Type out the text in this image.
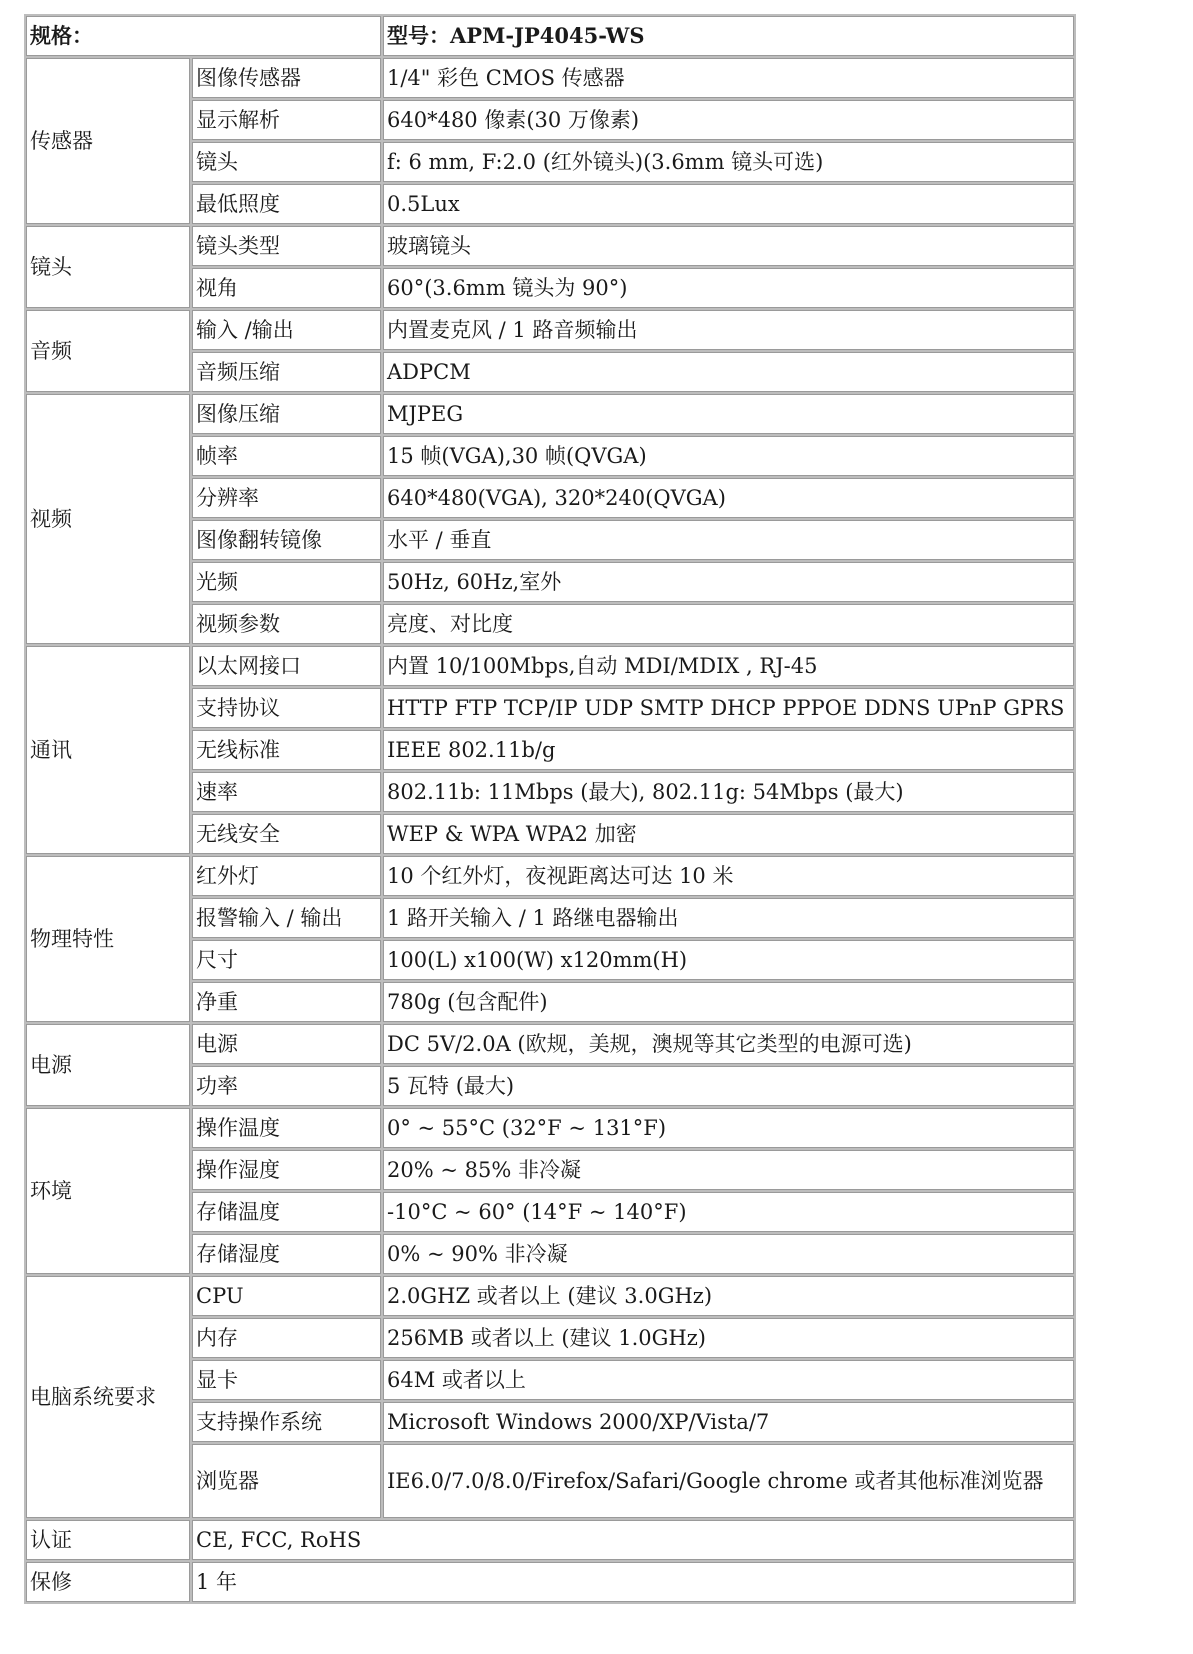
规格：		型号：APM-JP4045-WS
传感器	图像传感器	1/4" 彩色 CMOS 传感器
	显示解析	640*480 像素(30 万像素)
	镜头	f: 6 mm, F:2.0 (红外镜头)(3.6mm 镜头可选)
	最低照度	0.5Lux
镜头	镜头类型	玻璃镜头
	视角	60°(3.6mm 镜头为 90°)
音频	输入 /输出	内置麦克风 / 1 路音频输出
	音频压缩	ADPCM
视频	图像压缩	MJPEG
	帧率	15 帧(VGA),30 帧(QVGA)
	分辨率	640*480(VGA), 320*240(QVGA)
	图像翻转镜像	水平 / 垂直
	光频	50Hz, 60Hz,室外
	视频参数	亮度、对比度
通讯	以太网接口	内置 10/100Mbps,自动 MDI/MDIX , RJ-45
	支持协议	HTTP FTP TCP/IP UDP SMTP DHCP PPPOE DDNS UPnP GPRS
	无线标准	IEEE 802.11b/g
	速率	802.11b: 11Mbps (最大), 802.11g: 54Mbps (最大)
	无线安全	WEP & WPA WPA2 加密
物理特性	红外灯	10 个红外灯，夜视距离达可达 10 米
	报警输入 / 输出	1 路开关输入 / 1 路继电器输出
	尺寸	100(L) x100(W) x120mm(H)
	净重	780g (包含配件)
电源	电源	DC 5V/2.0A (欧规，美规，澳规等其它类型的电源可选)
	功率	5 瓦特 (最大)
环境	操作温度	0° ~ 55°C (32°F ~ 131°F)
	操作湿度	20% ~ 85% 非冷凝
	存储温度	-10°C ~ 60° (14°F ~ 140°F)
	存储湿度	0% ~ 90% 非冷凝
电脑系统要求	CPU	2.0GHZ 或者以上 (建议 3.0GHz)
	内存	256MB 或者以上 (建议 1.0GHz)
	显卡	64M 或者以上
	支持操作系统	Microsoft Windows 2000/XP/Vista/7
	浏览器	IE6.0/7.0/8.0/Firefox/Safari/Google chrome 或者其他标准浏览器
认证	CE, FCC, RoHS	
保修	1 年	
